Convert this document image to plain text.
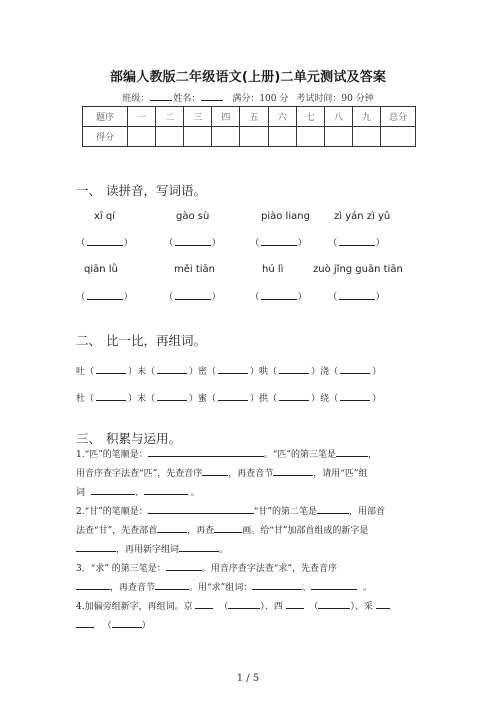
部编人教版二年级语文(上册)二单元测试及答案
班级：	姓名：	满分：100 分 考试时间：90 分钟
题序	一	二	三	四	五	六	七	八	九	总分
得分										
一、 读拼音，写词语。
xī qí	gào sù	piào liang zì yán zì yǔ
（	）	（	）	（	） （	）
qiān lǜ	měi tiān	hú lì	zuò jǐng guān tiān
（	）	（	）	（	） （	）
二、 比一比，再组词。
吐（	）未（	）密（	）哄（	）浇（	）
杜（	）末（	）蜜（	）拱（	）绕（	）
三、 积累与运用。
1.“匹”的笔顺是：	。“匹”的第三笔是	，
用音序查字法查“匹”，先查音序	，再查音节	，请用“匹”组
词	、	。
2.“甘”的笔顺是：	“甘”的第二笔是	，用部首
法查“甘”，先查部首	，再查	画。给“甘”加部首组成的新字是
，再用新字组词	。
3．“求” 的第三笔是：	。用音序查字法查“求”，先查音序
，再查音节	。用“求”组词：	、	。
4.加偏旁组新字，再组词。京	（	）、西	（	）、采
（	）
1 / 5
